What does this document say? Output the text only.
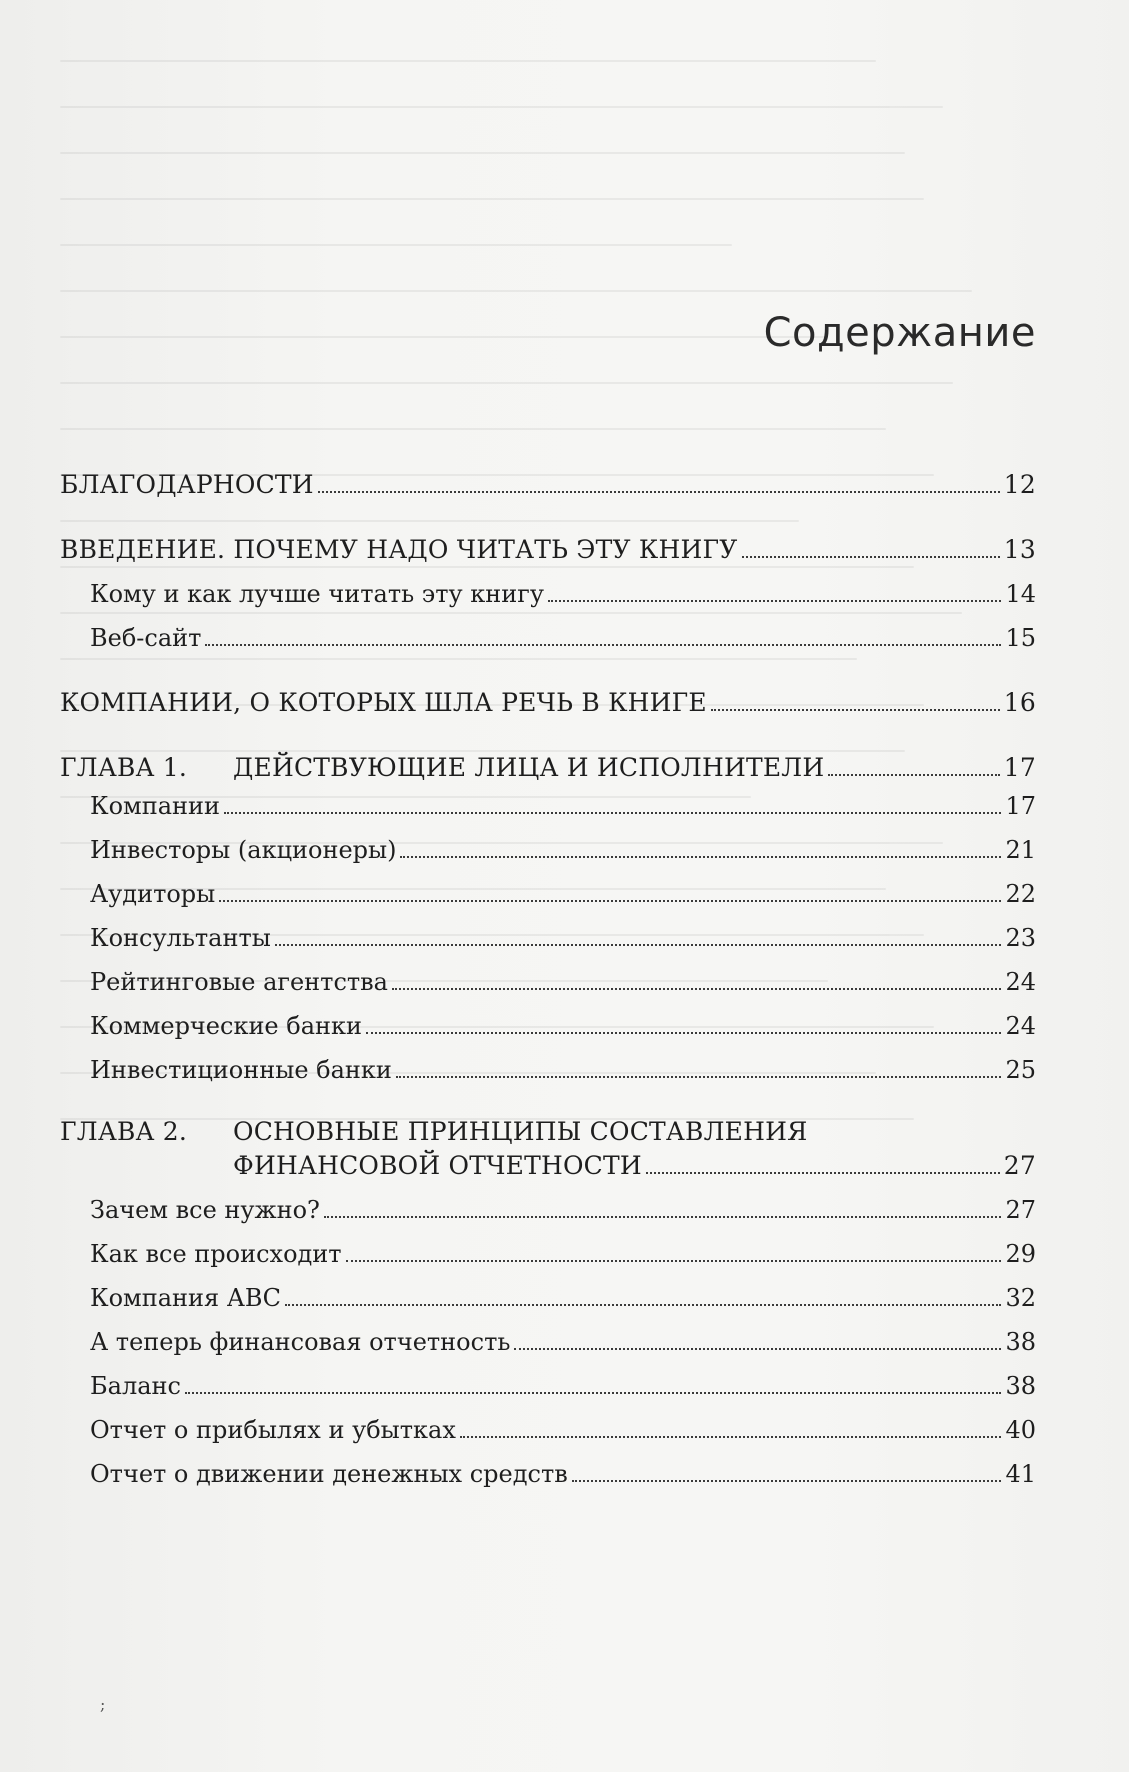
Содержание
БЛАГОДАРНОСТИ	12
ВВЕДЕНИЕ. ПОЧЕМУ НАДО ЧИТАТЬ ЭТУ КНИГУ	13
Кому и как лучше читать эту книгу	14
Веб-сайт	15
КОМПАНИИ, О КОТОРЫХ ШЛА РЕЧЬ В КНИГЕ	16
ГЛАВА 1. ДЕЙСТВУЮЩИЕ ЛИЦА И ИСПОЛНИТЕЛИ	17
Компании	17
Инвесторы (акционеры)	21
Аудиторы	22
Консультанты	23
Рейтинговые агентства	24
Коммерческие банки	24
Инвестиционные банки	25
ГЛАВА 2.	ОСНОВНЫЕ ПРИНЦИПЫ СОСТАВЛЕНИЯ
ФИНАНСОВОЙ ОТЧЕТНОСТИ	27
Зачем все нужно?	27
Как все происходит	29
Компания АВС	32
А теперь финансовая отчетность	38
Баланс	38
Отчет о прибылях и убытках	40
Отчет о движении денежных средств	41
;
